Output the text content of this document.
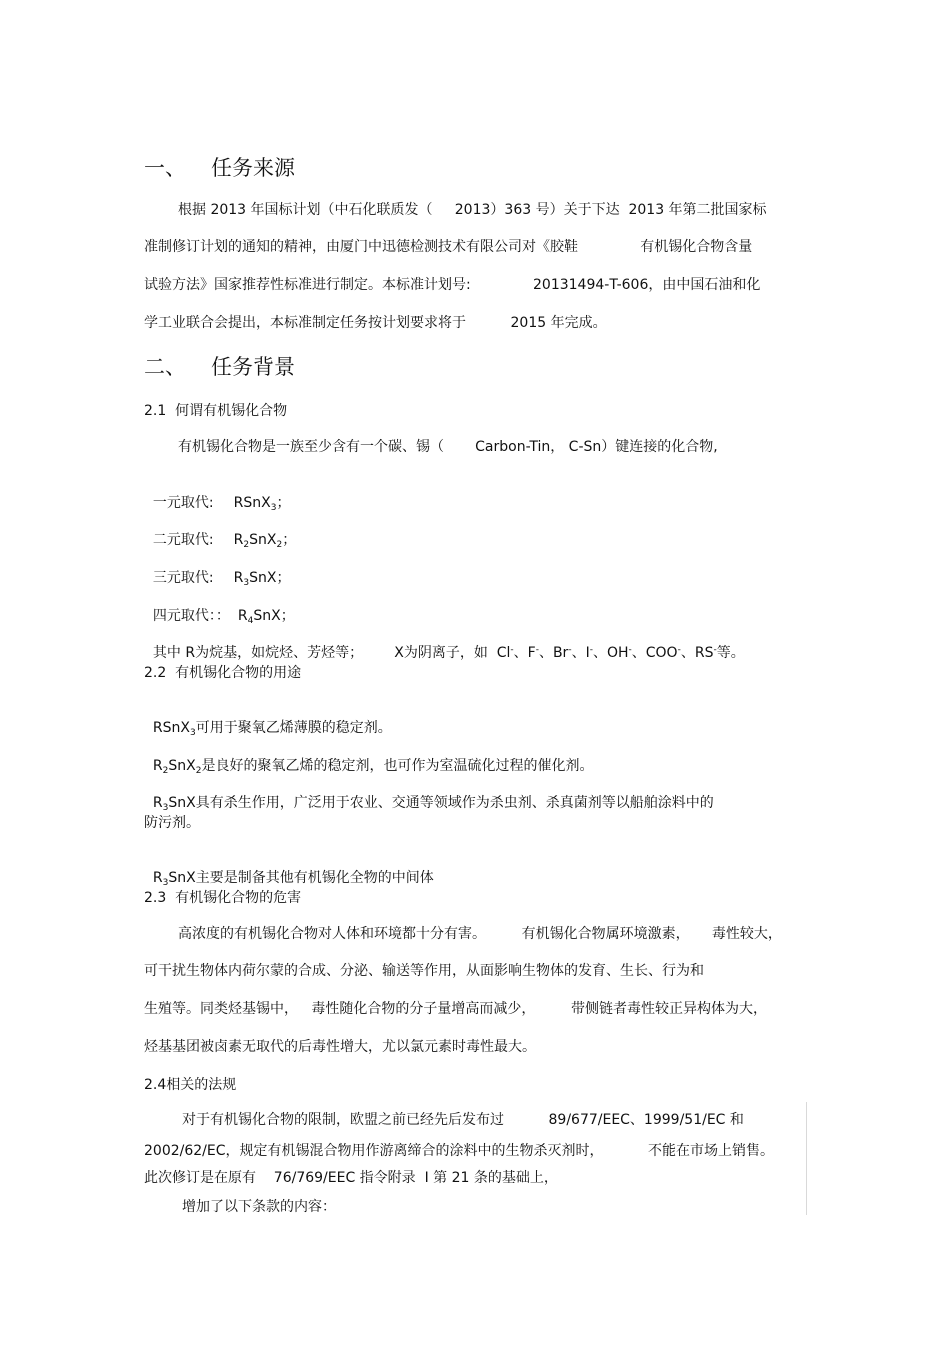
一、 任务来源
根据 2013 年国标计划（中石化联质发（     2013）363 号）关于下达  2013 年第二批国家标
准制修订计划的通知的精神，由厦门中迅德检测技术有限公司对《胶鞋              有机锡化合物含量
试验方法》国家推荐性标准进行制定。本标准计划号:              20131494-T-606，由中国石油和化
学工业联合会提出，本标准制定任务按计划要求将于          2015 年完成。
二、 任务背景
2.1  何谓有机锡化合物
有机锡化合物是一族至少含有一个碳、锡（       Carbon-Tin， C-Sn）键连接的化合物,

一元取代: RSnX$_3$；

二元取代: $R_2SnX_2$；

三元取代: $R_3SnX$；

四元取代：： $R_4SnX$；

其中 R为烷基，如烷烃、芳烃等；       X为阴离子，如  Cl-、F-、Br-、I-、OH-、COO-、RS-等。

2.2  有机锡化合物的用途

RSnX$_3$可用于聚氧乙烯薄膜的稳定剂。

$R_2SnX_2$是良好的聚氧乙烯的稳定剂，也可作为室温硫化过程的催化剂。

$R_3SnX$具有杀生作用，广泛用于农业、交通等领域作为杀虫剂、杀真菌剂等以船舶涂料中的

防污剂。

$R_3SnX$主要是制备其他有机锡化全物的中间体

2.3  有机锡化合物的危害
高浓度的有机锡化合物对人体和环境都十分有害。        有机锡化合物属环境激素，     毒性较大，
可干扰生物体内荷尔蒙的合成、分泌、输送等作用，从面影响生物体的发育、生长、行为和
生殖等。同类烃基锡中，   毒性随化合物的分子量增高而减少，        带侧链者毒性较正异构体为大，
烃基基团被卤素无取代的后毒性增大，尤以氯元素时毒性最大。
2.4相关的法规
对于有机锡化合物的限制，欧盟之前已经先后发布过          89/677/EEC、1999/51/EC 和
2002/62/EC，规定有机锡混合物用作游离缔合的涂料中的生物杀灭剂时，          不能在市场上销售。
此次修订是在原有    76/769/EEC 指令附录  I 第 21 条的基础上，
增加了以下条款的内容：
